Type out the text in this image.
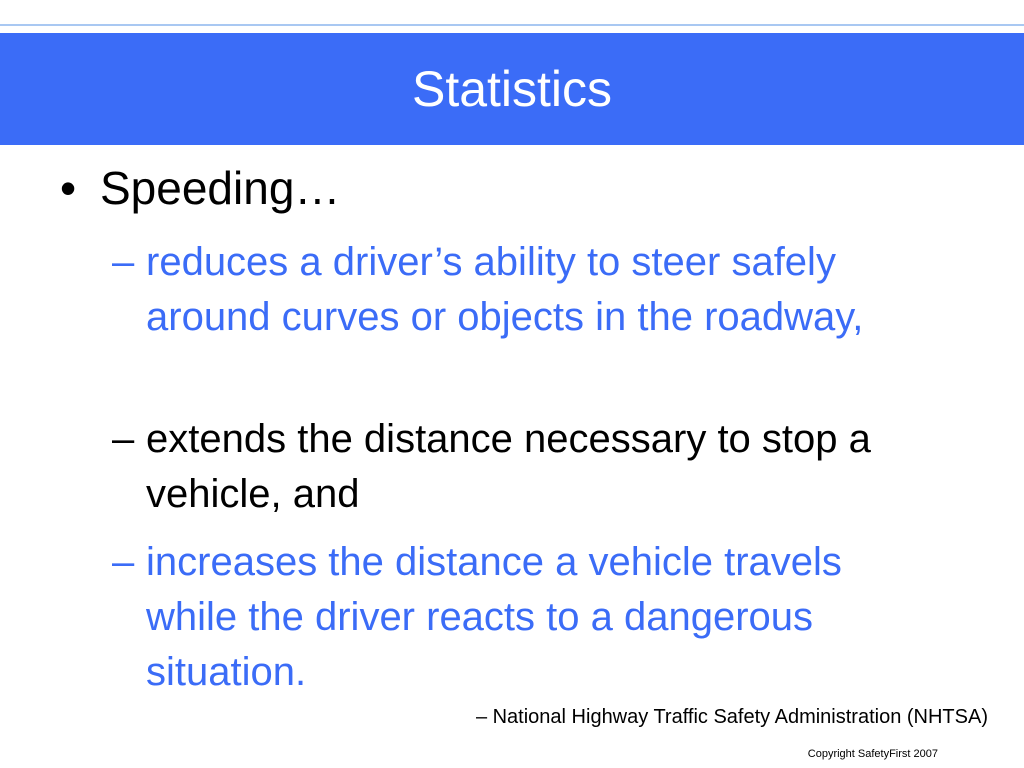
Statistics
• Speeding…
– reduces a driver’s ability to steer safely around curves or objects in the roadway,
– extends the distance necessary to stop a vehicle, and
– increases the distance a vehicle travels while the driver reacts to a dangerous situation.
– National Highway Traffic Safety Administration (NHTSA)
Copyright SafetyFirst 2007
